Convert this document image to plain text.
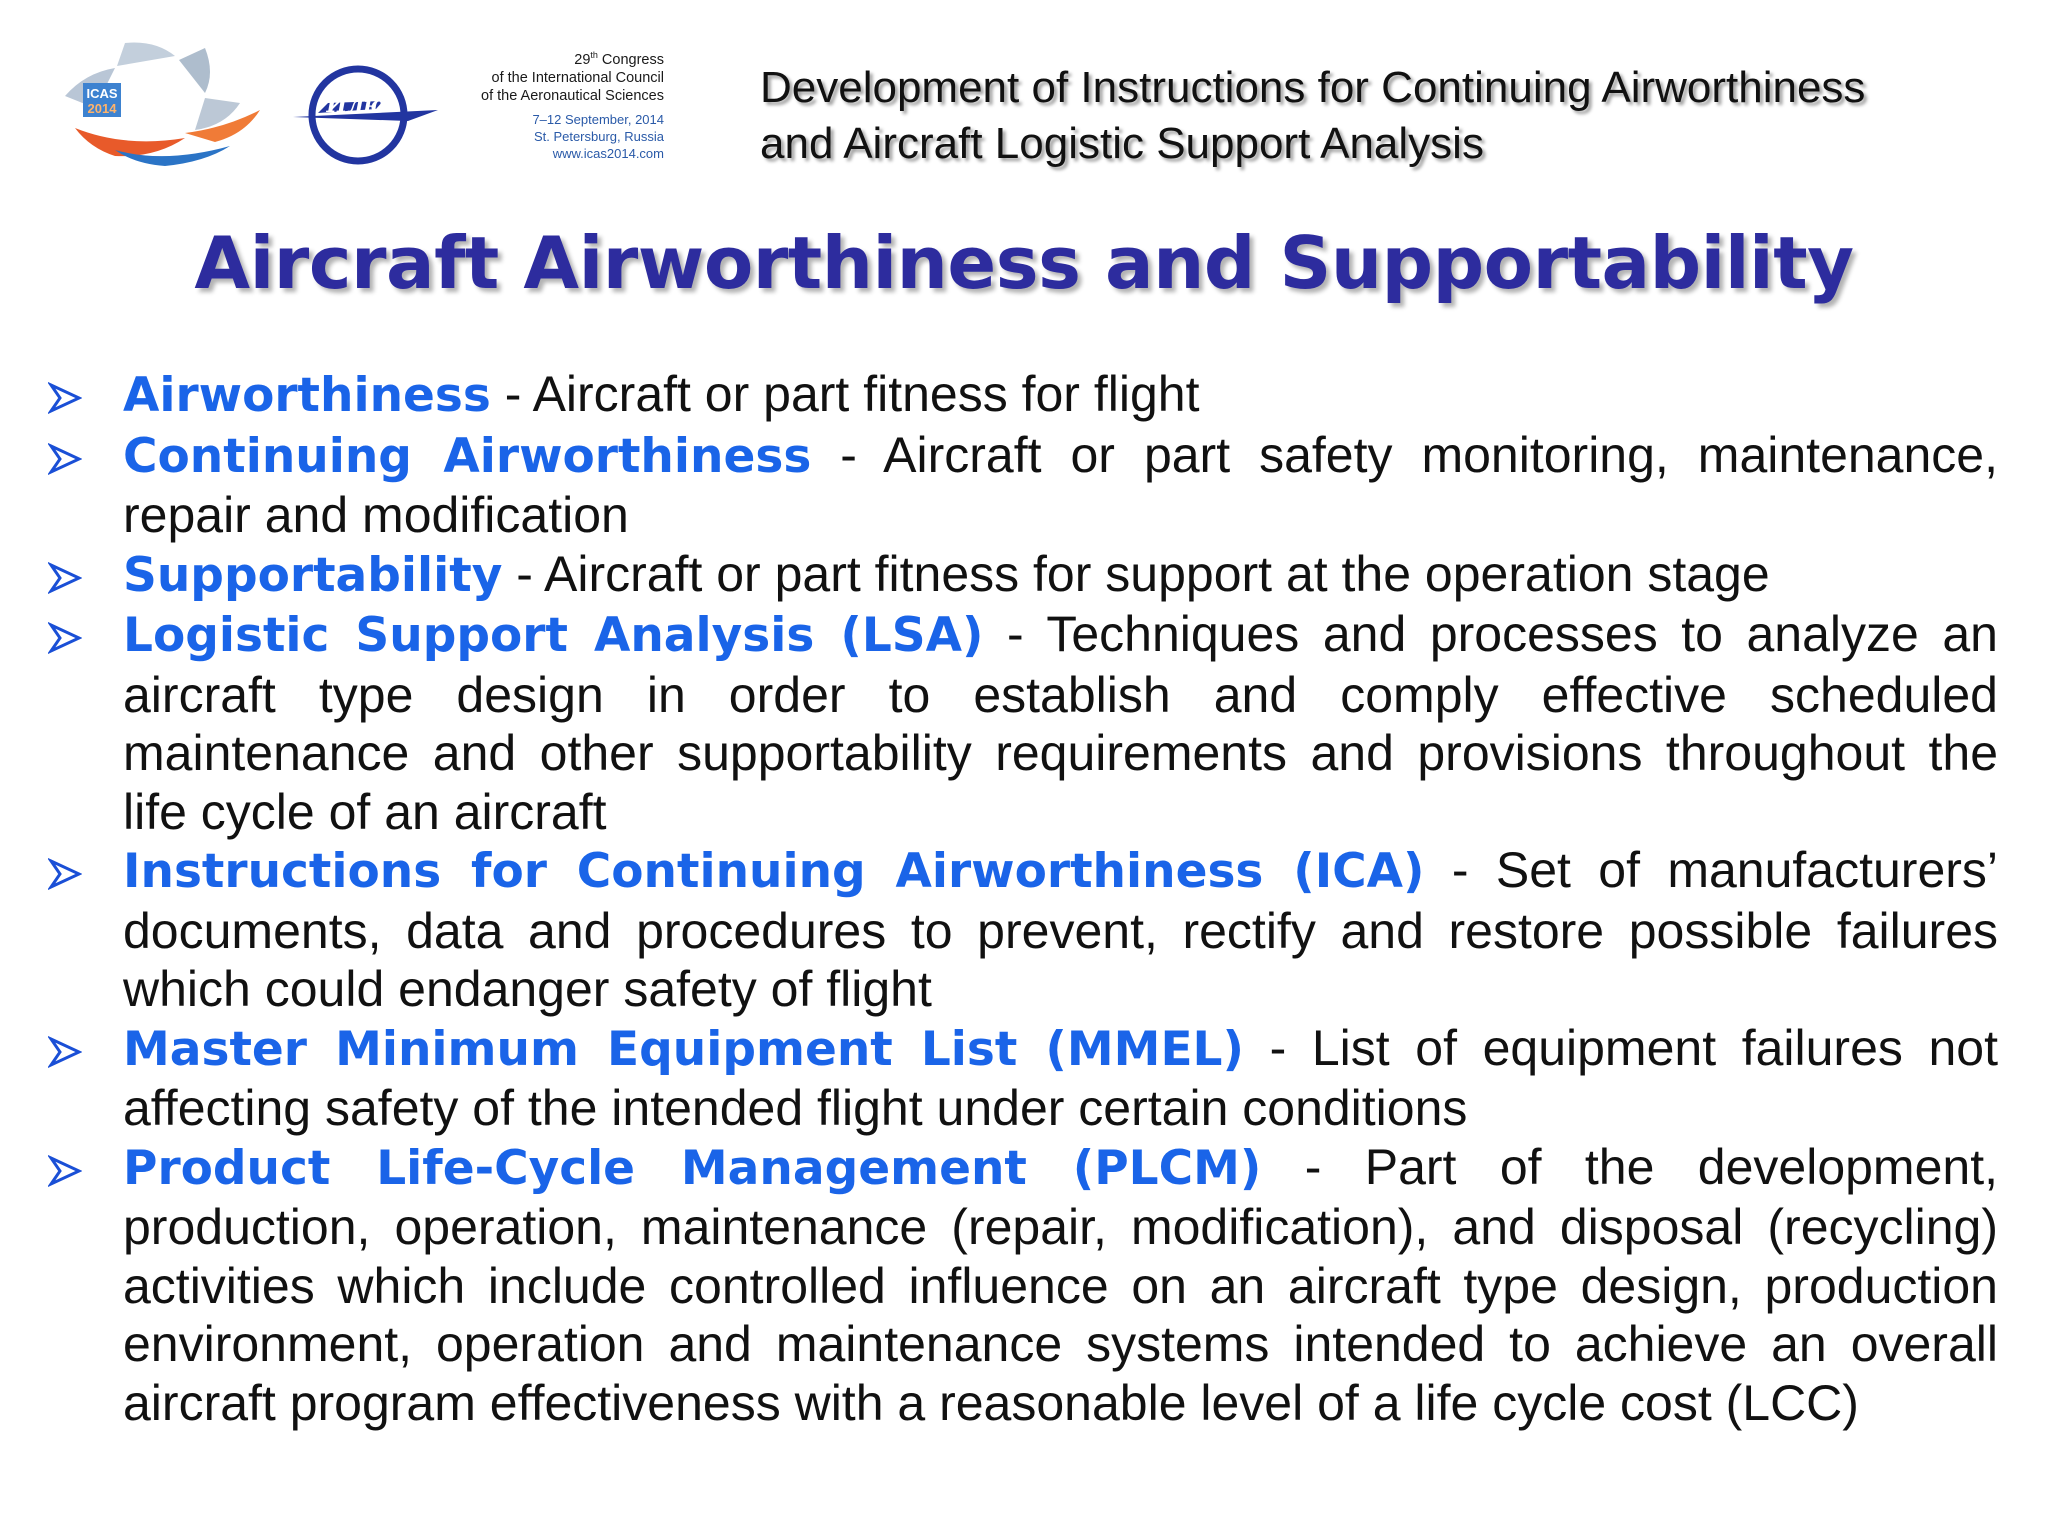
ICAS
2014	Илю
29th Congress
of the International Council
of the Aeronautical Sciences
7–12 September, 2014
St. Petersburg, Russia
www.icas2014.com
Development of Instructions for Continuing Airworthiness
and Aircraft Logistic Support Analysis
Aircraft Airworthiness and Supportability
Airworthiness - Aircraft or part fitness for flight
Continuing Airworthiness - Aircraft or part safety monitoring, maintenance, repair and modification
Supportability - Aircraft or part fitness for support at the operation stage
Logistic Support Analysis (LSA) - Techniques and processes to analyze an aircraft type design in order to establish and comply effective scheduled maintenance and other supportability requirements and provisions throughout the life cycle of an aircraft
Instructions for Continuing Airworthiness (ICA) - Set of manufacturers’ documents, data and procedures to prevent, rectify and restore possible failures which could endanger safety of flight
Master Minimum Equipment List (MMEL) - List of equipment failures not affecting safety of the intended flight under certain conditions
Product Life-Cycle Management (PLCM) - Part of the development, production, operation, maintenance (repair, modification), and disposal (recycling) activities which include controlled influence on an aircraft type design, production environment, operation and maintenance systems intended to achieve an overall aircraft program effectiveness with a reasonable level of a life cycle cost (LCC)
